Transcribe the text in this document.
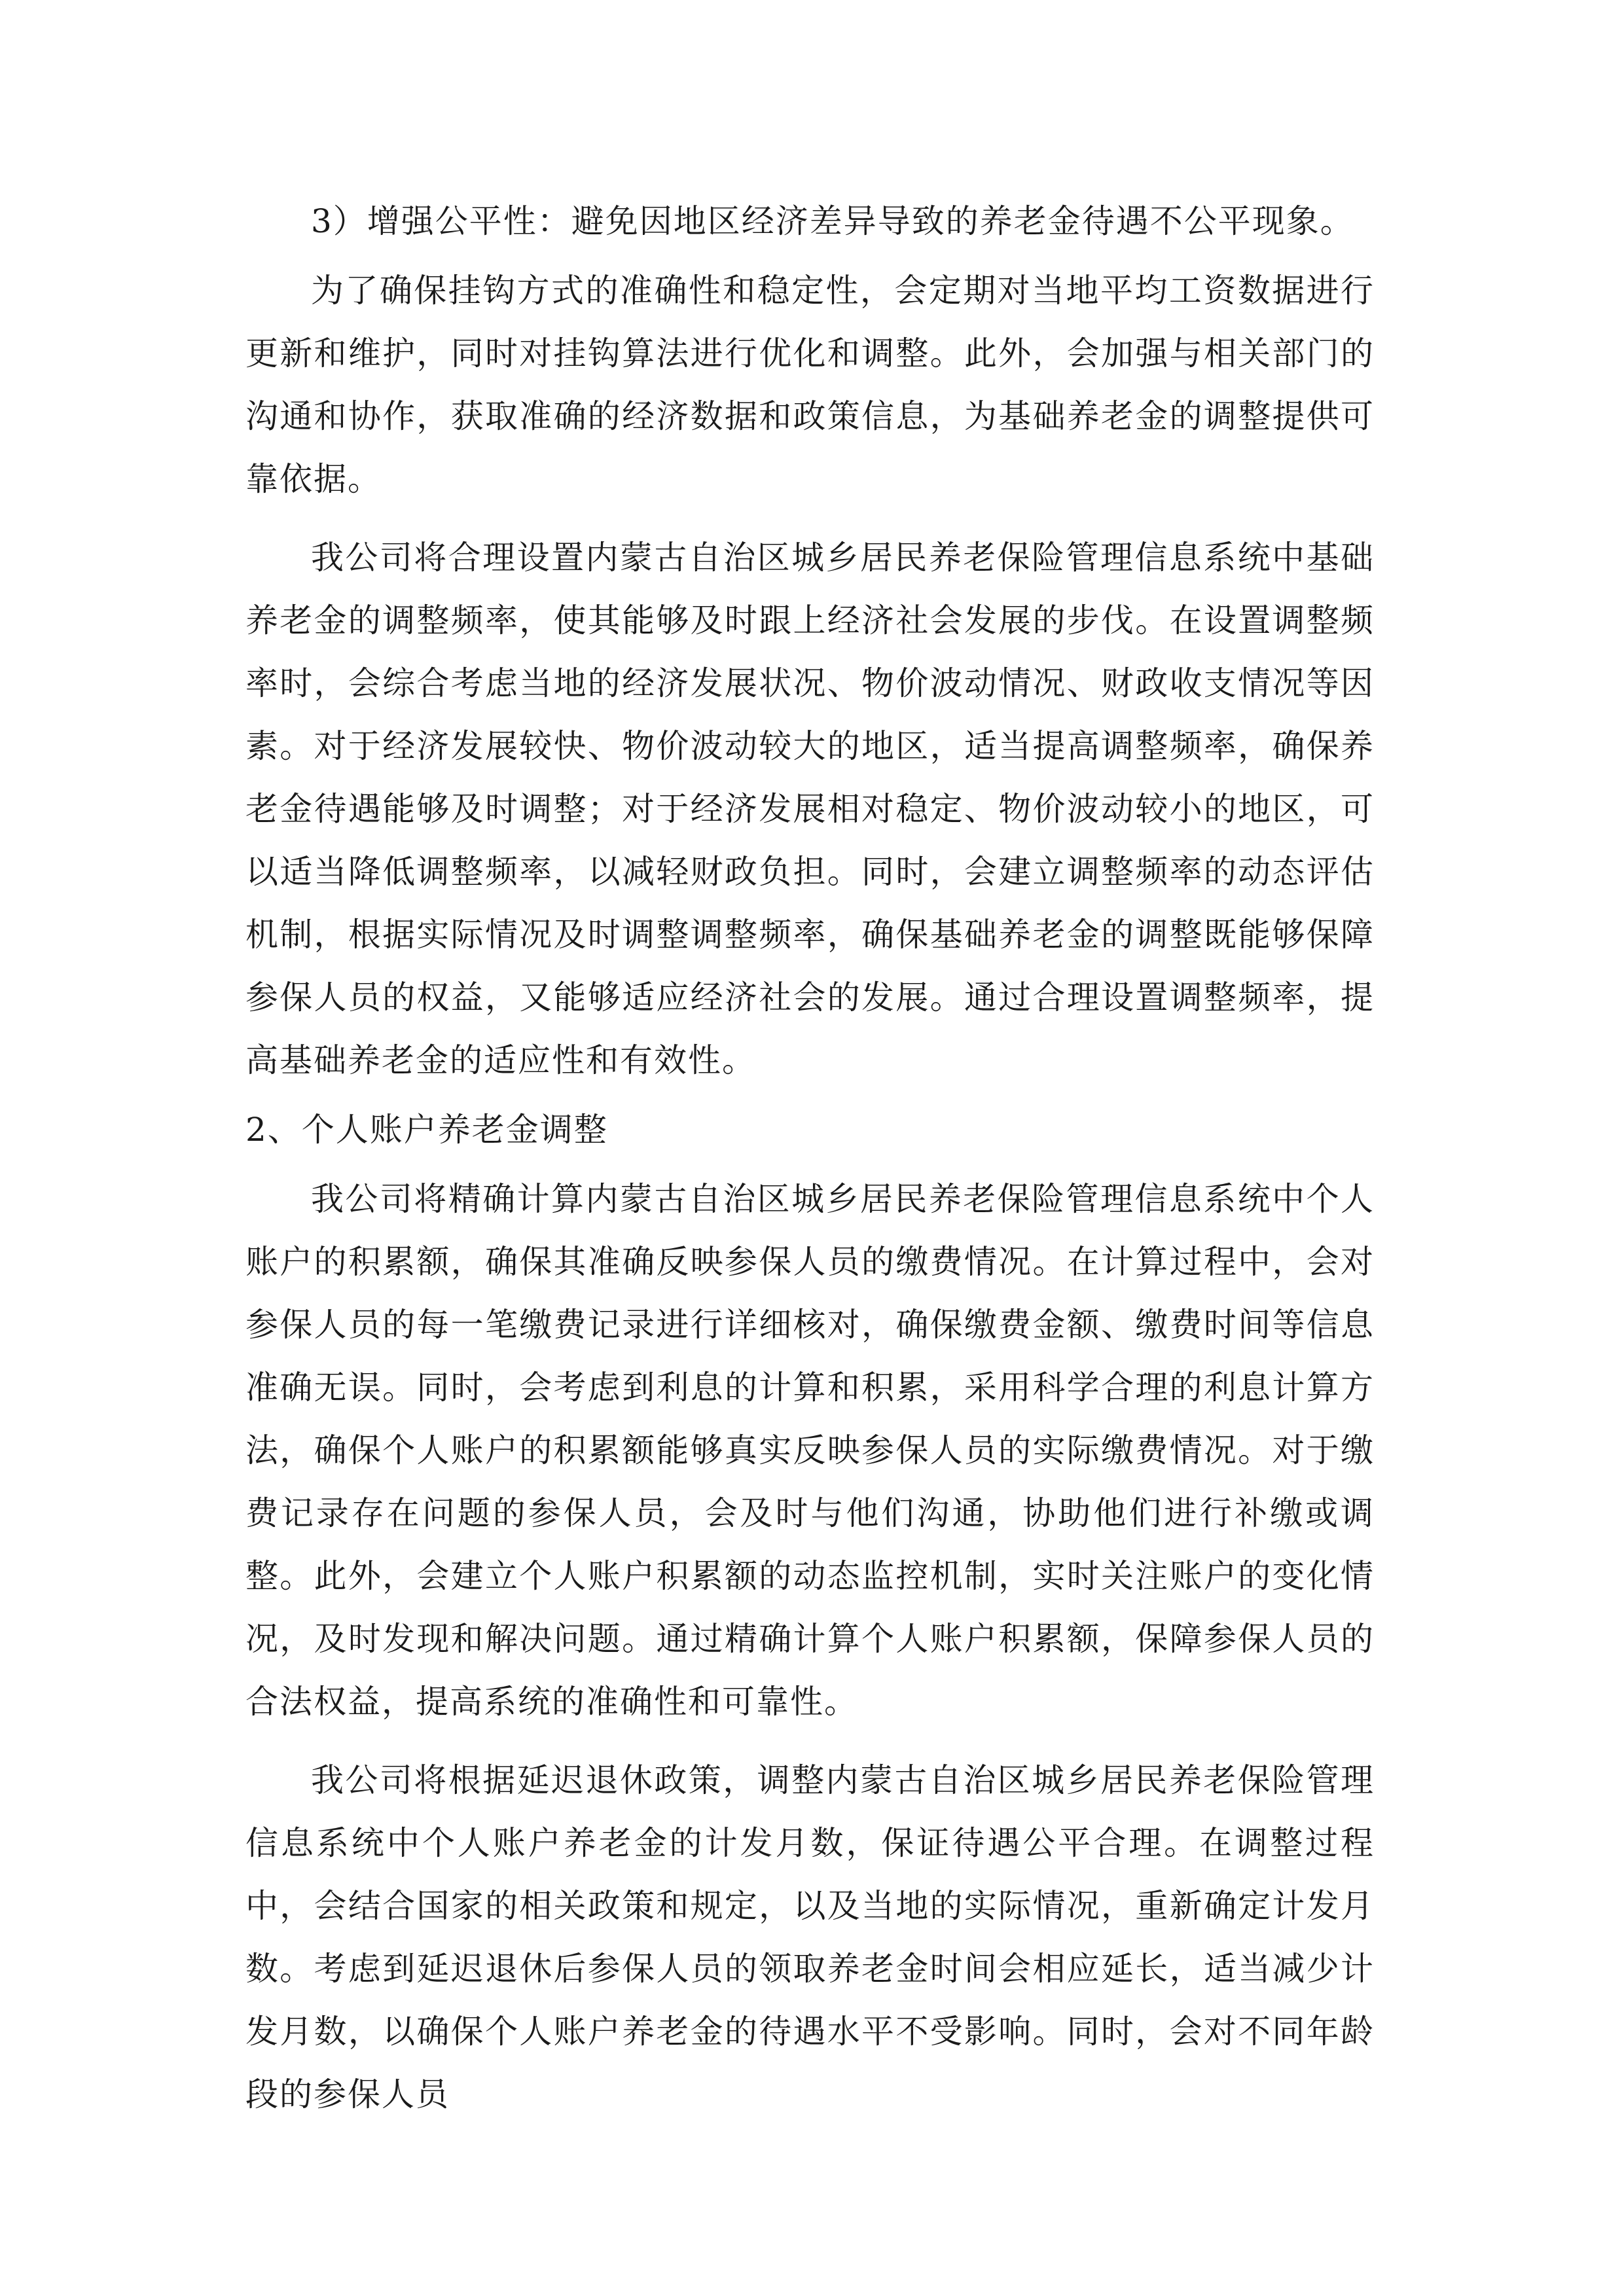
3）增强公平性：避免因地区经济差异导致的养老金待遇不公平现象。

为了确保挂钩方式的准确性和稳定性，会定期对当地平均工资数据进行更新和维护，同时对挂钩算法进行优化和调整。此外，会加强与相关部门的沟通和协作，获取准确的经济数据和政策信息，为基础养老金的调整提供可靠依据。

我公司将合理设置内蒙古自治区城乡居民养老保险管理信息系统中基础养老金的调整频率，使其能够及时跟上经济社会发展的步伐。在设置调整频率时，会综合考虑当地的经济发展状况、物价波动情况、财政收支情况等因素。对于经济发展较快、物价波动较大的地区，适当提高调整频率，确保养老金待遇能够及时调整；对于经济发展相对稳定、物价波动较小的地区，可以适当降低调整频率，以减轻财政负担。同时，会建立调整频率的动态评估机制，根据实际情况及时调整调整频率，确保基础养老金的调整既能够保障参保人员的权益，又能够适应经济社会的发展。通过合理设置调整频率，提高基础养老金的适应性和有效性。

2、个人账户养老金调整

我公司将精确计算内蒙古自治区城乡居民养老保险管理信息系统中个人账户的积累额，确保其准确反映参保人员的缴费情况。在计算过程中，会对参保人员的每一笔缴费记录进行详细核对，确保缴费金额、缴费时间等信息准确无误。同时，会考虑到利息的计算和积累，采用科学合理的利息计算方法，确保个人账户的积累额能够真实反映参保人员的实际缴费情况。对于缴费记录存在问题的参保人员，会及时与他们沟通，协助他们进行补缴或调整。此外，会建立个人账户积累额的动态监控机制，实时关注账户的变化情况，及时发现和解决问题。通过精确计算个人账户积累额，保障参保人员的合法权益，提高系统的准确性和可靠性。

我公司将根据延迟退休政策，调整内蒙古自治区城乡居民养老保险管理信息系统中个人账户养老金的计发月数，保证待遇公平合理。在调整过程中，会结合国家的相关政策和规定，以及当地的实际情况，重新确定计发月数。考虑到延迟退休后参保人员的领取养老金时间会相应延长，适当减少计发月数，以确保个人账户养老金的待遇水平不受影响。同时，会对不同年龄段的参保人员
